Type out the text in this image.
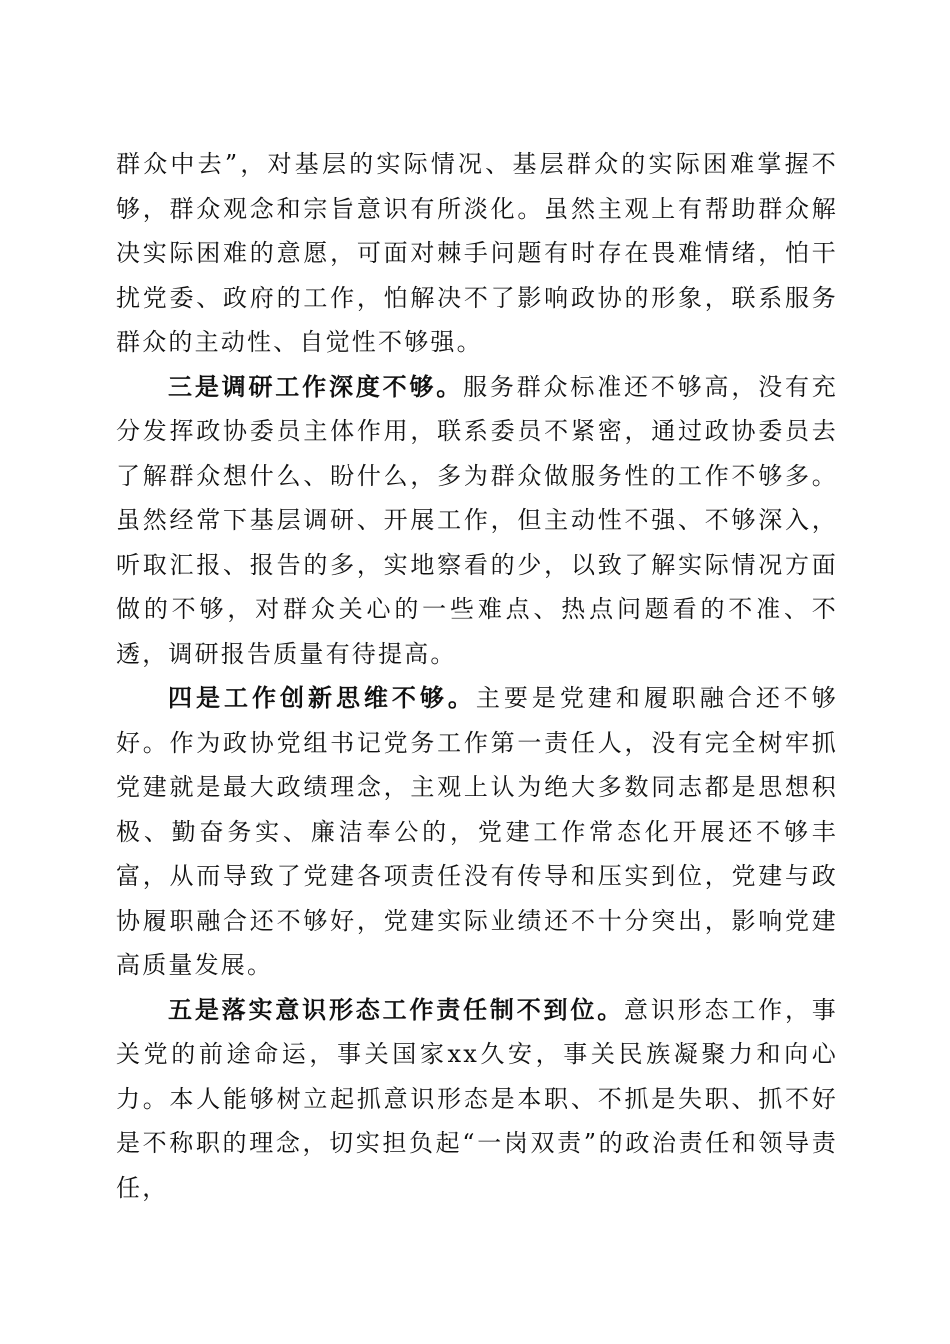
群众中去”，对基层的实际情况、基层群众的实际困难掌握不够，群众观念和宗旨意识有所淡化。虽然主观上有帮助群众解决实际困难的意愿，可面对棘手问题有时存在畏难情绪，怕干扰党委、政府的工作，怕解决不了影响政协的形象，联系服务群众的主动性、自觉性不够强。

三是调研工作深度不够。服务群众标准还不够高，没有充分发挥政协委员主体作用，联系委员不紧密，通过政协委员去了解群众想什么、盼什么，多为群众做服务性的工作不够多。虽然经常下基层调研、开展工作，但主动性不强、不够深入，听取汇报、报告的多，实地察看的少，以致了解实际情况方面做的不够，对群众关心的一些难点、热点问题看的不准、不透，调研报告质量有待提高。

四是工作创新思维不够。主要是党建和履职融合还不够好。作为政协党组书记党务工作第一责任人，没有完全树牢抓党建就是最大政绩理念，主观上认为绝大多数同志都是思想积极、勤奋务实、廉洁奉公的，党建工作常态化开展还不够丰富，从而导致了党建各项责任没有传导和压实到位，党建与政协履职融合还不够好，党建实际业绩还不十分突出，影响党建高质量发展。

五是落实意识形态工作责任制不到位。意识形态工作，事关党的前途命运，事关国家xx久安，事关民族凝聚力和向心力。本人能够树立起抓意识形态是本职、不抓是失职、抓不好是不称职的理念，切实担负起“一岗双责”的政治责任和领导责任，
